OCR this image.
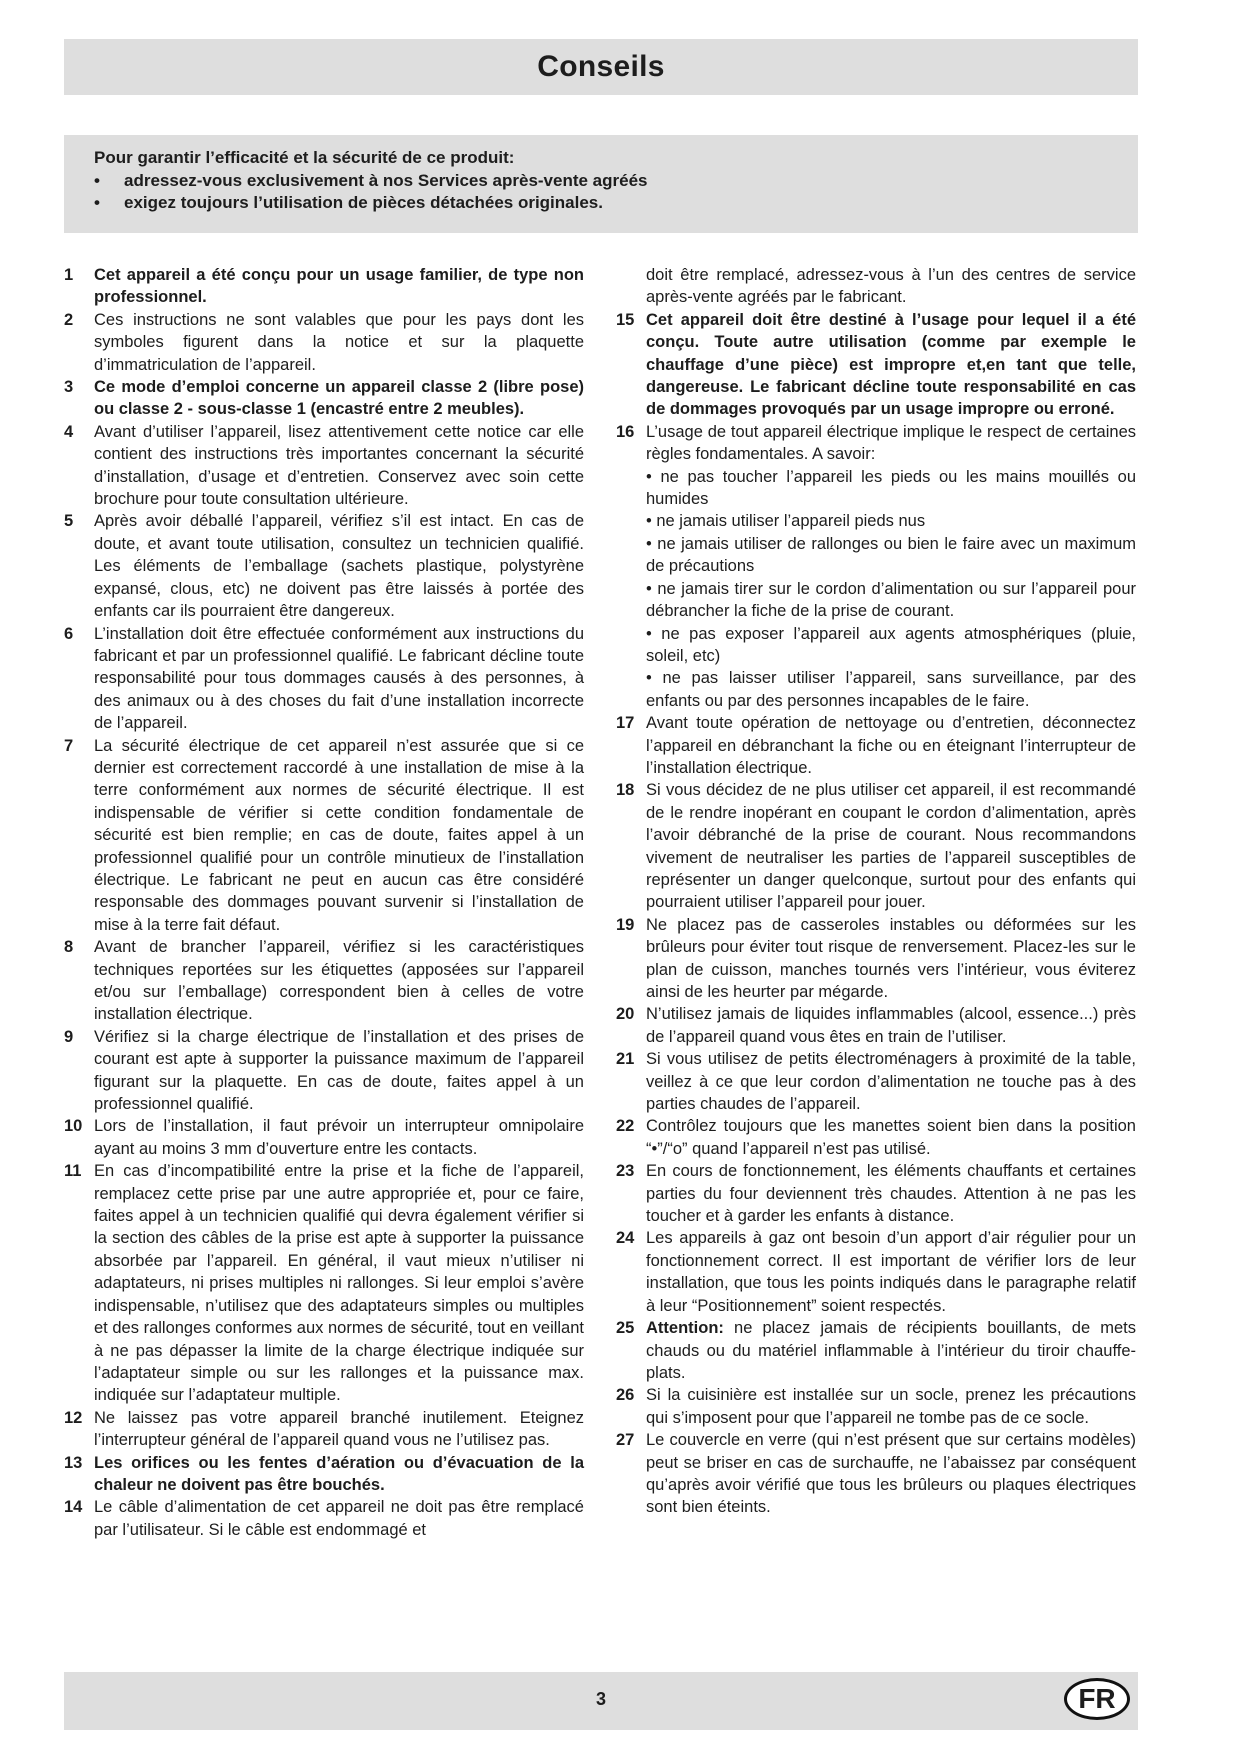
Conseils
Pour garantir l’efficacité et la sécurité de ce produit:
•	adressez-vous exclusivement à nos Services après-vente agréés
•	exigez toujours l’utilisation de pièces détachées originales.
1	Cet appareil a été conçu pour un usage familier, de type non professionnel.
2	Ces instructions ne sont valables que pour les pays dont les symboles figurent dans la notice et sur la plaquette d’immatriculation de l’appareil.
3	Ce mode d’emploi concerne un appareil classe 2 (libre pose) ou classe 2 - sous-classe 1 (encastré entre 2 meubles).
4	Avant d’utiliser l’appareil, lisez attentivement cette notice car elle contient des instructions très importantes concernant la sécurité d’installation, d’usage et d’entretien. Conservez avec soin cette brochure pour toute consultation ultérieure.
5	Après avoir déballé l’appareil, vérifiez s’il est intact. En cas de doute, et avant toute utilisation, consultez un technicien qualifié. Les éléments de l’emballage (sachets plastique, polystyrène expansé, clous, etc) ne doivent pas être laissés à portée des enfants car ils pourraient être dangereux.
6	L’installation doit être effectuée conformément aux instructions du fabricant et par un professionnel qualifié. Le fabricant décline toute responsabilité pour tous dommages causés à des personnes, à des animaux ou à des choses du fait d’une installation incorrecte de l’appareil.
7	La sécurité électrique de cet appareil n’est assurée que si ce dernier est correctement raccordé à une installation de mise à la terre conformément aux normes de sécurité électrique. Il est indispensable de vérifier si cette condition fondamentale de sécurité est bien remplie; en cas de doute, faites appel à un professionnel qualifié pour un contrôle minutieux de l’installation électrique. Le fabricant ne peut en aucun cas être considéré responsable des dommages pouvant survenir si l’installation de mise à la terre fait défaut.
8	Avant de brancher l’appareil, vérifiez si les caractéristiques techniques reportées sur les étiquettes (apposées sur l’appareil et/ou sur l’emballage) correspondent bien à celles de votre installation électrique.
9	Vérifiez si la charge électrique de l’installation et des prises de courant est apte à supporter la puissance maximum de l’appareil figurant sur la plaquette. En cas de doute, faites appel à un professionnel qualifié.
10 Lors de l’installation, il faut prévoir un interrupteur omnipolaire ayant au moins 3 mm d’ouverture entre les contacts.
11 En cas d’incompatibilité entre la prise et la fiche de l’appareil, remplacez cette prise par une autre appropriée et, pour ce faire, faites appel à un technicien qualifié qui devra également vérifier si la section des câbles de la prise est apte à supporter la puissance absorbée par l’appareil. En général, il vaut mieux n’utiliser ni adaptateurs, ni prises multiples ni rallonges. Si leur emploi s’avère indispensable, n’utilisez que des adaptateurs simples ou multiples et des rallonges conformes aux normes de sécurité, tout en veillant à ne pas dépasser la limite de la charge électrique indiquée sur l’adaptateur simple ou sur les rallonges et la puissance max. indiquée sur l’adaptateur multiple.
12 Ne laissez pas votre appareil branché inutilement. Eteignez l’interrupteur général de l’appareil quand vous ne l’utilisez pas.
13 Les orifices ou les fentes d’aération ou d’évacuation de la chaleur ne doivent pas être bouchés.
14 Le câble d’alimentation de cet appareil ne doit pas être remplacé par l’utilisateur. Si le câble est endommagé et
doit être remplacé, adressez-vous à l’un des centres de service après-vente agréés par le fabricant.
15 Cet appareil doit être destiné à l’usage pour lequel il a été conçu. Toute autre utilisation (comme par exemple le chauffage d’une pièce) est impropre et,en tant que telle, dangereuse. Le fabricant décline toute responsabilité en cas de dommages provoqués par un usage impropre ou erroné.
16 L’usage de tout appareil électrique implique le respect de certaines règles fondamentales. A savoir:
• ne pas toucher l’appareil les pieds ou les mains mouillés ou humides
• ne jamais utiliser l’appareil pieds nus
• ne jamais utiliser de rallonges ou bien le faire avec un maximum de précautions
• ne jamais tirer sur le cordon d’alimentation ou sur l’appareil pour débrancher la fiche de la prise de courant.
• ne pas exposer l’appareil aux agents atmosphériques (pluie, soleil, etc)
• ne pas laisser utiliser l’appareil, sans surveillance, par des enfants ou par des personnes incapables de le faire.
17 Avant toute opération de nettoyage ou d’entretien, déconnectez l’appareil en débranchant la fiche ou en éteignant l’interrupteur de l’installation électrique.
18 Si vous décidez de ne plus utiliser cet appareil, il est recommandé de le rendre inopérant en coupant le cordon d’alimentation, après l’avoir débranché de la prise de courant. Nous recommandons vivement de neutraliser les parties de l’appareil susceptibles de représenter un danger quelconque, surtout pour des enfants qui pourraient utiliser l’appareil pour jouer.
19 Ne placez pas de casseroles instables ou déformées sur les brûleurs pour éviter tout risque de renversement. Placez-les sur le plan de cuisson, manches tournés vers l’intérieur, vous éviterez ainsi de les heurter par mégarde.
20 N’utilisez jamais de liquides inflammables (alcool, essence...) près de l’appareil quand vous êtes en train de l’utiliser.
21 Si vous utilisez de petits électroménagers à proximité de la table, veillez à ce que leur cordon d’alimentation ne touche pas à des parties chaudes de l’appareil.
22 Contrôlez toujours que les manettes soient bien dans la position “•”/“o” quand l’appareil n’est pas utilisé.
23 En cours de fonctionnement, les éléments chauffants et certaines parties du four deviennent très chaudes. Attention à ne pas les toucher et à garder les enfants à distance.
24 Les appareils à gaz ont besoin d’un apport d’air régulier pour un fonctionnement correct. Il est important de vérifier lors de leur installation, que tous les points indiqués dans le paragraphe relatif à leur “Positionnement” soient respectés.
25 Attention: ne placez jamais de récipients bouillants, de mets chauds ou du matériel inflammable à l’intérieur du tiroir chauffe-plats.
26 Si la cuisinière est installée sur un socle, prenez les précautions qui s’imposent pour que l’appareil ne tombe pas de ce socle.
27 Le couvercle en verre (qui n’est présent que sur certains modèles) peut se briser en cas de surchauffe, ne l’abaissez par conséquent qu’après avoir vérifié que tous les brûleurs ou plaques électriques sont bien éteints.
3	FR
